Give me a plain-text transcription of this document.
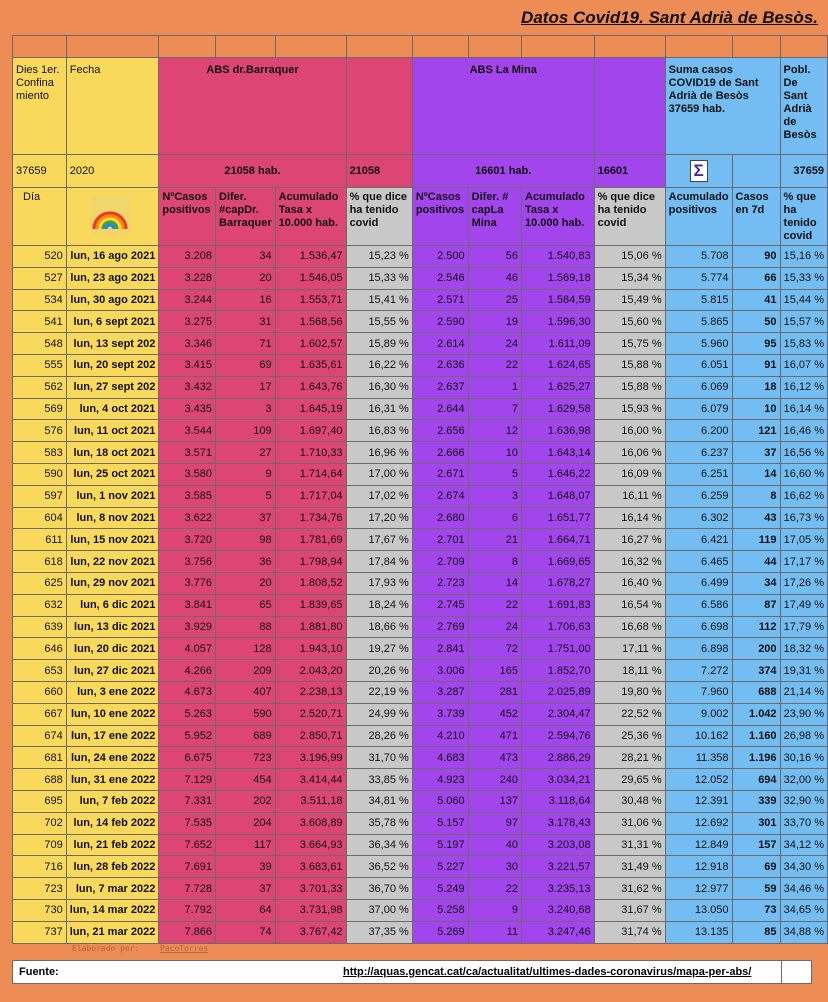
Datos Covid19. Sant Adrià de Besòs.

Dies 1er. Confina miento	Fecha	ABS dr.Barraquer				ABS La Mina				Suma casos COVID19 de Sant Adrià de Besòs 37659 hab.		Pobl. De Sant Adrià de Besòs
37659	2020	21058 hab.			21058	16601 hab.			16601	Σ		37659
Día		NºCasos positivos	Difer. #capDr. Barraquer	Acumulado Tasa x 10.000 hab.	% que dice ha tenido covid	NºCasos positivos	Difer. # capLa Mina	Acumulado Tasa x 10.000 hab.	% que dice ha tenido covid	Acumulado positivos	Casos en 7d	% que ha tenido covid
520	lun, 16 ago 2021	3.208	34	1.536,47	15,23 %	2.500	56	1.540,83	15,06 %	5.708	90	15,16 %
527	lun, 23 ago 2021	3.228	20	1.546,05	15,33 %	2.546	46	1.569,18	15,34 %	5.774	66	15,33 %
534	lun, 30 ago 2021	3.244	16	1.553,71	15,41 %	2.571	25	1.584,59	15,49 %	5.815	41	15,44 %
541	lun, 6 sept 2021	3.275	31	1.568,56	15,55 %	2.590	19	1.596,30	15,60 %	5.865	50	15,57 %
548	lun, 13 sept 202	3.346	71	1.602,57	15,89 %	2.614	24	1.611,09	15,75 %	5.960	95	15,83 %
555	lun, 20 sept 202	3.415	69	1.635,61	16,22 %	2.636	22	1.624,65	15,88 %	6.051	91	16,07 %
562	lun, 27 sept 202	3.432	17	1.643,76	16,30 %	2.637	1	1.625,27	15,88 %	6.069	18	16,12 %
569	lun, 4 oct 2021	3.435	3	1.645,19	16,31 %	2.644	7	1.629,58	15,93 %	6.079	10	16,14 %
576	lun, 11 oct 2021	3.544	109	1.697,40	16,83 %	2.656	12	1.636,98	16,00 %	6.200	121	16,46 %
583	lun, 18 oct 2021	3.571	27	1.710,33	16,96 %	2.666	10	1.643,14	16,06 %	6.237	37	16,56 %
590	lun, 25 oct 2021	3.580	9	1.714,64	17,00 %	2.671	5	1.646,22	16,09 %	6.251	14	16,60 %
597	lun, 1 nov 2021	3.585	5	1.717,04	17,02 %	2.674	3	1.648,07	16,11 %	6.259	8	16,62 %
604	lun, 8 nov 2021	3.622	37	1.734,76	17,20 %	2.680	6	1.651,77	16,14 %	6.302	43	16,73 %
611	lun, 15 nov 2021	3.720	98	1.781,69	17,67 %	2.701	21	1.664,71	16,27 %	6.421	119	17,05 %
618	lun, 22 nov 2021	3.756	36	1.798,94	17,84 %	2.709	8	1.669,65	16,32 %	6.465	44	17,17 %
625	lun, 29 nov 2021	3.776	20	1.808,52	17,93 %	2.723	14	1.678,27	16,40 %	6.499	34	17,26 %
632	lun, 6 dic 2021	3.841	65	1.839,65	18,24 %	2.745	22	1.691,83	16,54 %	6.586	87	17,49 %
639	lun, 13 dic 2021	3.929	88	1.881,80	18,66 %	2.769	24	1.706,63	16,68 %	6.698	112	17,79 %
646	lun, 20 dic 2021	4.057	128	1.943,10	19,27 %	2.841	72	1.751,00	17,11 %	6.898	200	18,32 %
653	lun, 27 dic 2021	4.266	209	2.043,20	20,26 %	3.006	165	1.852,70	18,11 %	7.272	374	19,31 %
660	lun, 3 ene 2022	4.673	407	2.238,13	22,19 %	3.287	281	2.025,89	19,80 %	7.960	688	21,14 %
667	lun, 10 ene 2022	5.263	590	2.520,71	24,99 %	3.739	452	2.304,47	22,52 %	9.002	1.042	23,90 %
674	lun, 17 ene 2022	5.952	689	2.850,71	28,26 %	4.210	471	2.594,76	25,36 %	10.162	1.160	26,98 %
681	lun, 24 ene 2022	6.675	723	3.196,99	31,70 %	4.683	473	2.886,29	28,21 %	11.358	1.196	30,16 %
688	lun, 31 ene 2022	7.129	454	3.414,44	33,85 %	4.923	240	3.034,21	29,65 %	12.052	694	32,00 %
695	lun, 7 feb 2022	7.331	202	3.511,18	34,81 %	5.060	137	3.118,64	30,48 %	12.391	339	32,90 %
702	lun, 14 feb 2022	7.535	204	3.608,89	35,78 %	5.157	97	3.178,43	31,06 %	12.692	301	33,70 %
709	lun, 21 feb 2022	7.652	117	3.664,93	36,34 %	5.197	40	3.203,08	31,31 %	12.849	157	34,12 %
716	lun, 28 feb 2022	7.691	39	3.683,61	36,52 %	5.227	30	3.221,57	31,49 %	12.918	69	34,30 %
723	lun, 7 mar 2022	7.728	37	3.701,33	36,70 %	5.249	22	3.235,13	31,62 %	12.977	59	34,46 %
730	lun, 14 mar 2022	7.792	64	3.731,98	37,00 %	5.258	9	3.240,68	31,67 %	13.050	73	34,65 %
737	lun, 21 mar 2022	7.866	74	3.767,42	37,35 %	5.269	11	3.247,46	31,74 %	13.135	85	34,88 %
Elaborado por:	PacoTorres
Fuente:	http://aquas.gencat.cat/ca/actualitat/ultimes-dades-coronavirus/mapa-per-abs/
